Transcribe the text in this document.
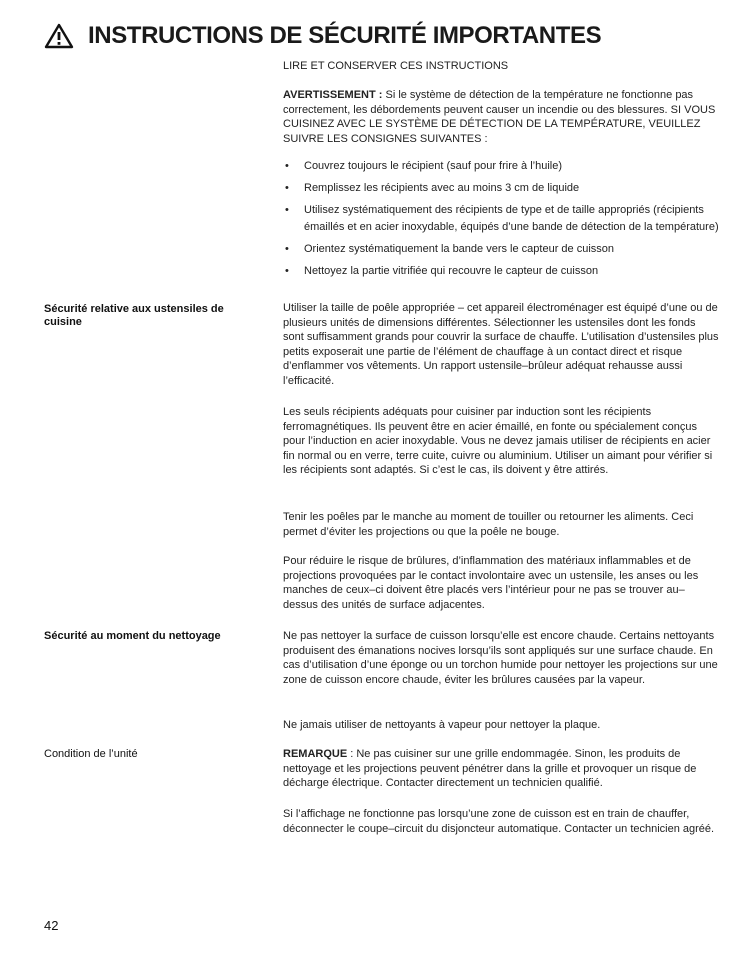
INSTRUCTIONS DE SÉCURITÉ IMPORTANTES

LIRE ET CONSERVER CES INSTRUCTIONS

AVERTISSEMENT : Si le système de détection de la température ne fonctionne pas correctement, les débordements peuvent causer un incendie ou des blessures. SI VOUS CUISINEZ AVEC LE SYSTÈME DE DÉTECTION DE LA TEMPÉRATURE, VEUILLEZ SUIVRE LES CONSIGNES SUIVANTES :

• Couvrez toujours le récipient (sauf pour frire à l’huile)
• Remplissez les récipients avec au moins 3 cm de liquide
• Utilisez systématiquement des récipients de type et de taille appropriés (récipients émaillés et en acier inoxydable, équipés d’une bande de détection de la température)
• Orientez systématiquement la bande vers le capteur de cuisson
• Nettoyez la partie vitrifiée qui recouvre le capteur de cuisson
Sécurité relative aux ustensiles de cuisine

Utiliser la taille de poêle appropriée – cet appareil électroménager est équipé d’une ou de plusieurs unités de dimensions différentes. Sélectionner les ustensiles dont les fonds sont suffisamment grands pour couvrir la surface de chauffe. L’utilisation d’ustensiles plus petits exposerait une partie de l’élément de chauffage à un contact direct et risque d’enflammer vos vêtements. Un rapport ustensile–brûleur adéquat rehausse aussi l’efficacité.

Les seuls récipients adéquats pour cuisiner par induction sont les récipients ferromagnétiques. Ils peuvent être en acier émaillé, en fonte ou spécialement conçus pour l’induction en acier inoxydable. Vous ne devez jamais utiliser de récipients en acier fin normal ou en verre, terre cuite, cuivre ou aluminium. Utiliser un aimant pour vérifier si les récipients sont adaptés. Si c’est le cas, ils doivent y être attirés.

Tenir les poêles par le manche au moment de touiller ou retourner les aliments. Ceci permet d’éviter les projections ou que la poêle ne bouge.

Pour réduire le risque de brûlures, d’inflammation des matériaux inflammables et de projections provoquées par le contact involontaire avec un ustensile, les anses ou les manches de ceux–ci doivent être placés vers l’intérieur pour ne pas se trouver au–dessus des unités de surface adjacentes.

Sécurité au moment du nettoyage	Ne pas nettoyer la surface de cuisson lorsqu’elle est encore chaude. Certains nettoyants produisent des émanations nocives lorsqu’ils sont appliqués sur une surface chaude. En cas d’utilisation d’une éponge ou un torchon humide pour nettoyer les projections sur une zone de cuisson encore chaude, éviter les brûlures causées par la vapeur.

Ne jamais utiliser de nettoyants à vapeur pour nettoyer la plaque.

Condition de l’unité	REMARQUE : Ne pas cuisiner sur une grille endommagée. Sinon, les produits de nettoyage et les projections peuvent pénétrer dans la grille et provoquer un risque de décharge électrique. Contacter directement un technicien qualifié.

Si l’affichage ne fonctionne pas lorsqu’une zone de cuisson est en train de chauffer, déconnecter le coupe–circuit du disjoncteur automatique. Contacter un technicien agréé.

42
